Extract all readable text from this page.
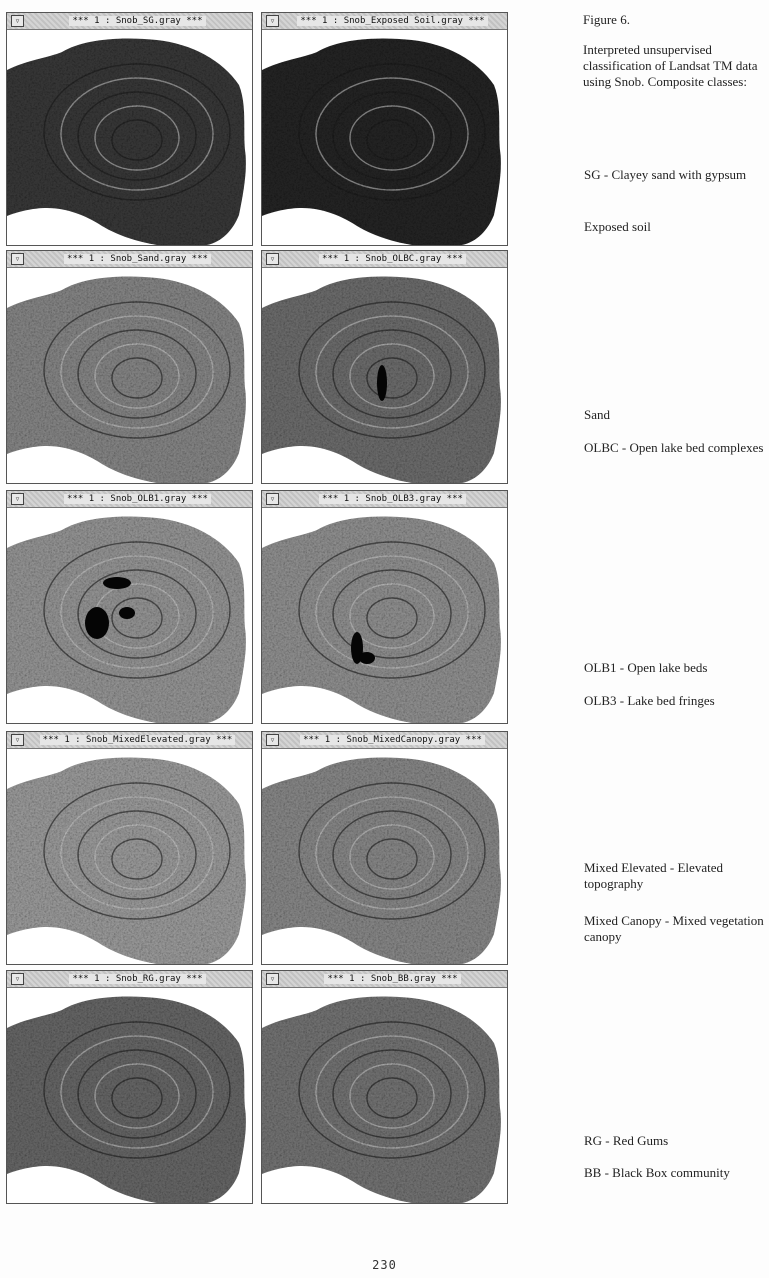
▿	*** 1 : Snob_SG.gray ***	▿	*** 1 : Snob_Exposed Soil.gray ***
▿	*** 1 : Snob_Sand.gray ***	▿	*** 1 : Snob_OLBC.gray ***
▿	*** 1 : Snob_OLB1.gray ***	▿	*** 1 : Snob_OLB3.gray ***
▿	*** 1 : Snob_MixedElevated.gray ***	▿	*** 1 : Snob_MixedCanopy.gray ***
▿	*** 1 : Snob_RG.gray ***	▿	*** 1 : Snob_BB.gray ***
Figure 6.
Interpreted unsupervised classification of Landsat TM data using Snob. Composite classes:
SG - Clayey sand with gypsum
Exposed soil
Sand
OLBC - Open lake bed complexes
OLB1 - Open lake beds
OLB3 - Lake bed fringes
Mixed Elevated - Elevated topography
Mixed Canopy - Mixed vegetation canopy
RG - Red Gums
BB - Black Box community
230
